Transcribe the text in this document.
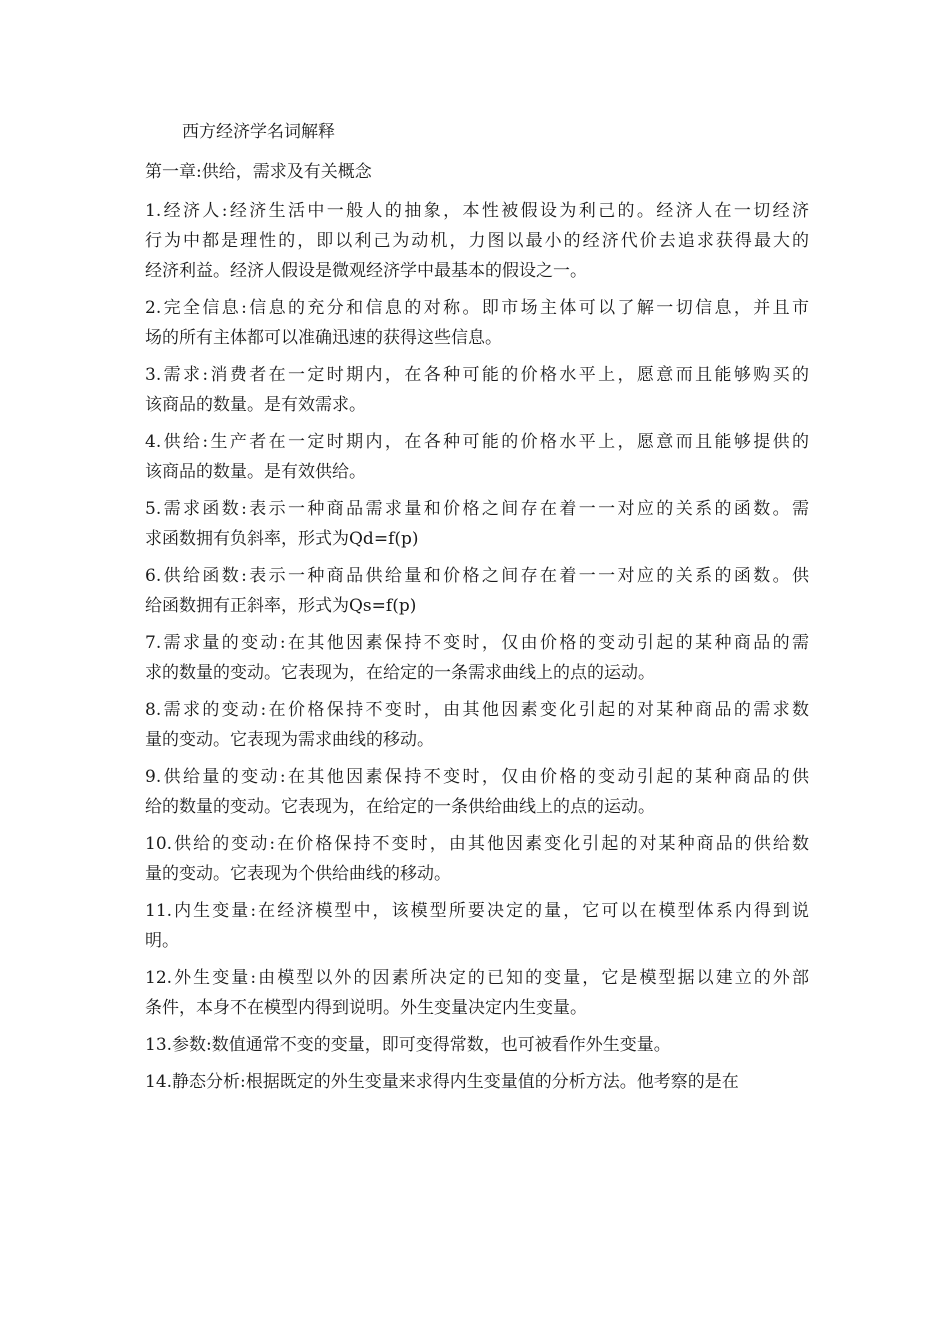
西方经济学名词解释
第一章:供给，需求及有关概念
1.经济人:经济生活中一般人的抽象，本性被假设为利己的。经济人在一切经济
行为中都是理性的，即以利己为动机，力图以最小的经济代价去追求获得最大的
经济利益。经济人假设是微观经济学中最基本的假设之一。
2.完全信息:信息的充分和信息的对称。即市场主体可以了解一切信息，并且市
场的所有主体都可以准确迅速的获得这些信息。
3.需求:消费者在一定时期内，在各种可能的价格水平上，愿意而且能够购买的
该商品的数量。是有效需求。
4.供给:生产者在一定时期内，在各种可能的价格水平上，愿意而且能够提供的
该商品的数量。是有效供给。
5.需求函数:表示一种商品需求量和价格之间存在着一一对应的关系的函数。需
求函数拥有负斜率，形式为Qd=f(p)
6.供给函数:表示一种商品供给量和价格之间存在着一一对应的关系的函数。供
给函数拥有正斜率，形式为Qs=f(p)
7.需求量的变动:在其他因素保持不变时，仅由价格的变动引起的某种商品的需
求的数量的变动。它表现为，在给定的一条需求曲线上的点的运动。
8.需求的变动:在价格保持不变时，由其他因素变化引起的对某种商品的需求数
量的变动。它表现为需求曲线的移动。
9.供给量的变动:在其他因素保持不变时，仅由价格的变动引起的某种商品的供
给的数量的变动。它表现为，在给定的一条供给曲线上的点的运动。
10.供给的变动:在价格保持不变时，由其他因素变化引起的对某种商品的供给数
量的变动。它表现为个供给曲线的移动。
11.内生变量:在经济模型中，该模型所要决定的量，它可以在模型体系内得到说
明。
12.外生变量:由模型以外的因素所决定的已知的变量，它是模型据以建立的外部
条件，本身不在模型内得到说明。外生变量决定内生变量。
13.参数:数值通常不变的变量，即可变得常数，也可被看作外生变量。
14.静态分析:根据既定的外生变量来求得内生变量值的分析方法。他考察的是在
